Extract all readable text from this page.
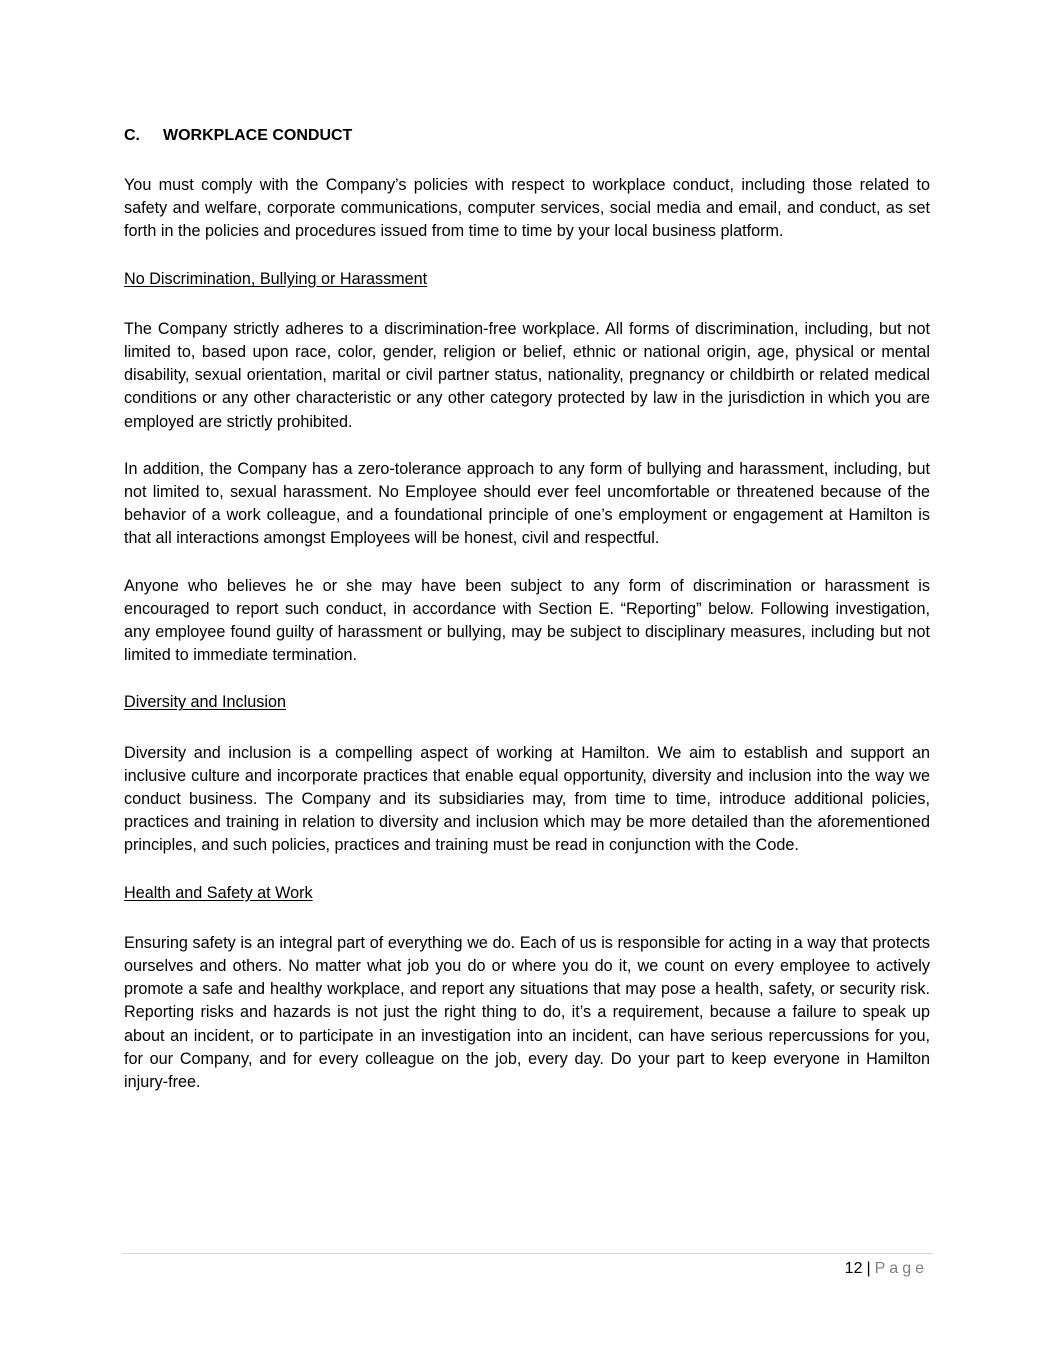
C. WORKPLACE CONDUCT

You must comply with the Company’s policies with respect to workplace conduct, including those related to safety and welfare, corporate communications, computer services, social media and email, and conduct, as set forth in the policies and procedures issued from time to time by your local business platform.

No Discrimination, Bullying or Harassment

The Company strictly adheres to a discrimination-free workplace. All forms of discrimination, including, but not limited to, based upon race, color, gender, religion or belief, ethnic or national origin, age, physical or mental disability, sexual orientation, marital or civil partner status, nationality, pregnancy or childbirth or related medical conditions or any other characteristic or any other category protected by law in the jurisdiction in which you are employed are strictly prohibited.

In addition, the Company has a zero-tolerance approach to any form of bullying and harassment, including, but not limited to, sexual harassment. No Employee should ever feel uncomfortable or threatened because of the behavior of a work colleague, and a foundational principle of one’s employment or engagement at Hamilton is that all interactions amongst Employees will be honest, civil and respectful.

Anyone who believes he or she may have been subject to any form of discrimination or harassment is encouraged to report such conduct, in accordance with Section E. “Reporting” below. Following investigation, any employee found guilty of harassment or bullying, may be subject to disciplinary measures, including but not limited to immediate termination.

Diversity and Inclusion

Diversity and inclusion is a compelling aspect of working at Hamilton. We aim to establish and support an inclusive culture and incorporate practices that enable equal opportunity, diversity and inclusion into the way we conduct business. The Company and its subsidiaries may, from time to time, introduce additional policies, practices and training in relation to diversity and inclusion which may be more detailed than the aforementioned principles, and such policies, practices and training must be read in conjunction with the Code.

Health and Safety at Work

Ensuring safety is an integral part of everything we do. Each of us is responsible for acting in a way that protects ourselves and others. No matter what job you do or where you do it, we count on every employee to actively promote a safe and healthy workplace, and report any situations that may pose a health, safety, or security risk. Reporting risks and hazards is not just the right thing to do, it’s a requirement, because a failure to speak up about an incident, or to participate in an investigation into an incident, can have serious repercussions for you, for our Company, and for every colleague on the job, every day. Do your part to keep everyone in Hamilton injury-free.

12 | Page
